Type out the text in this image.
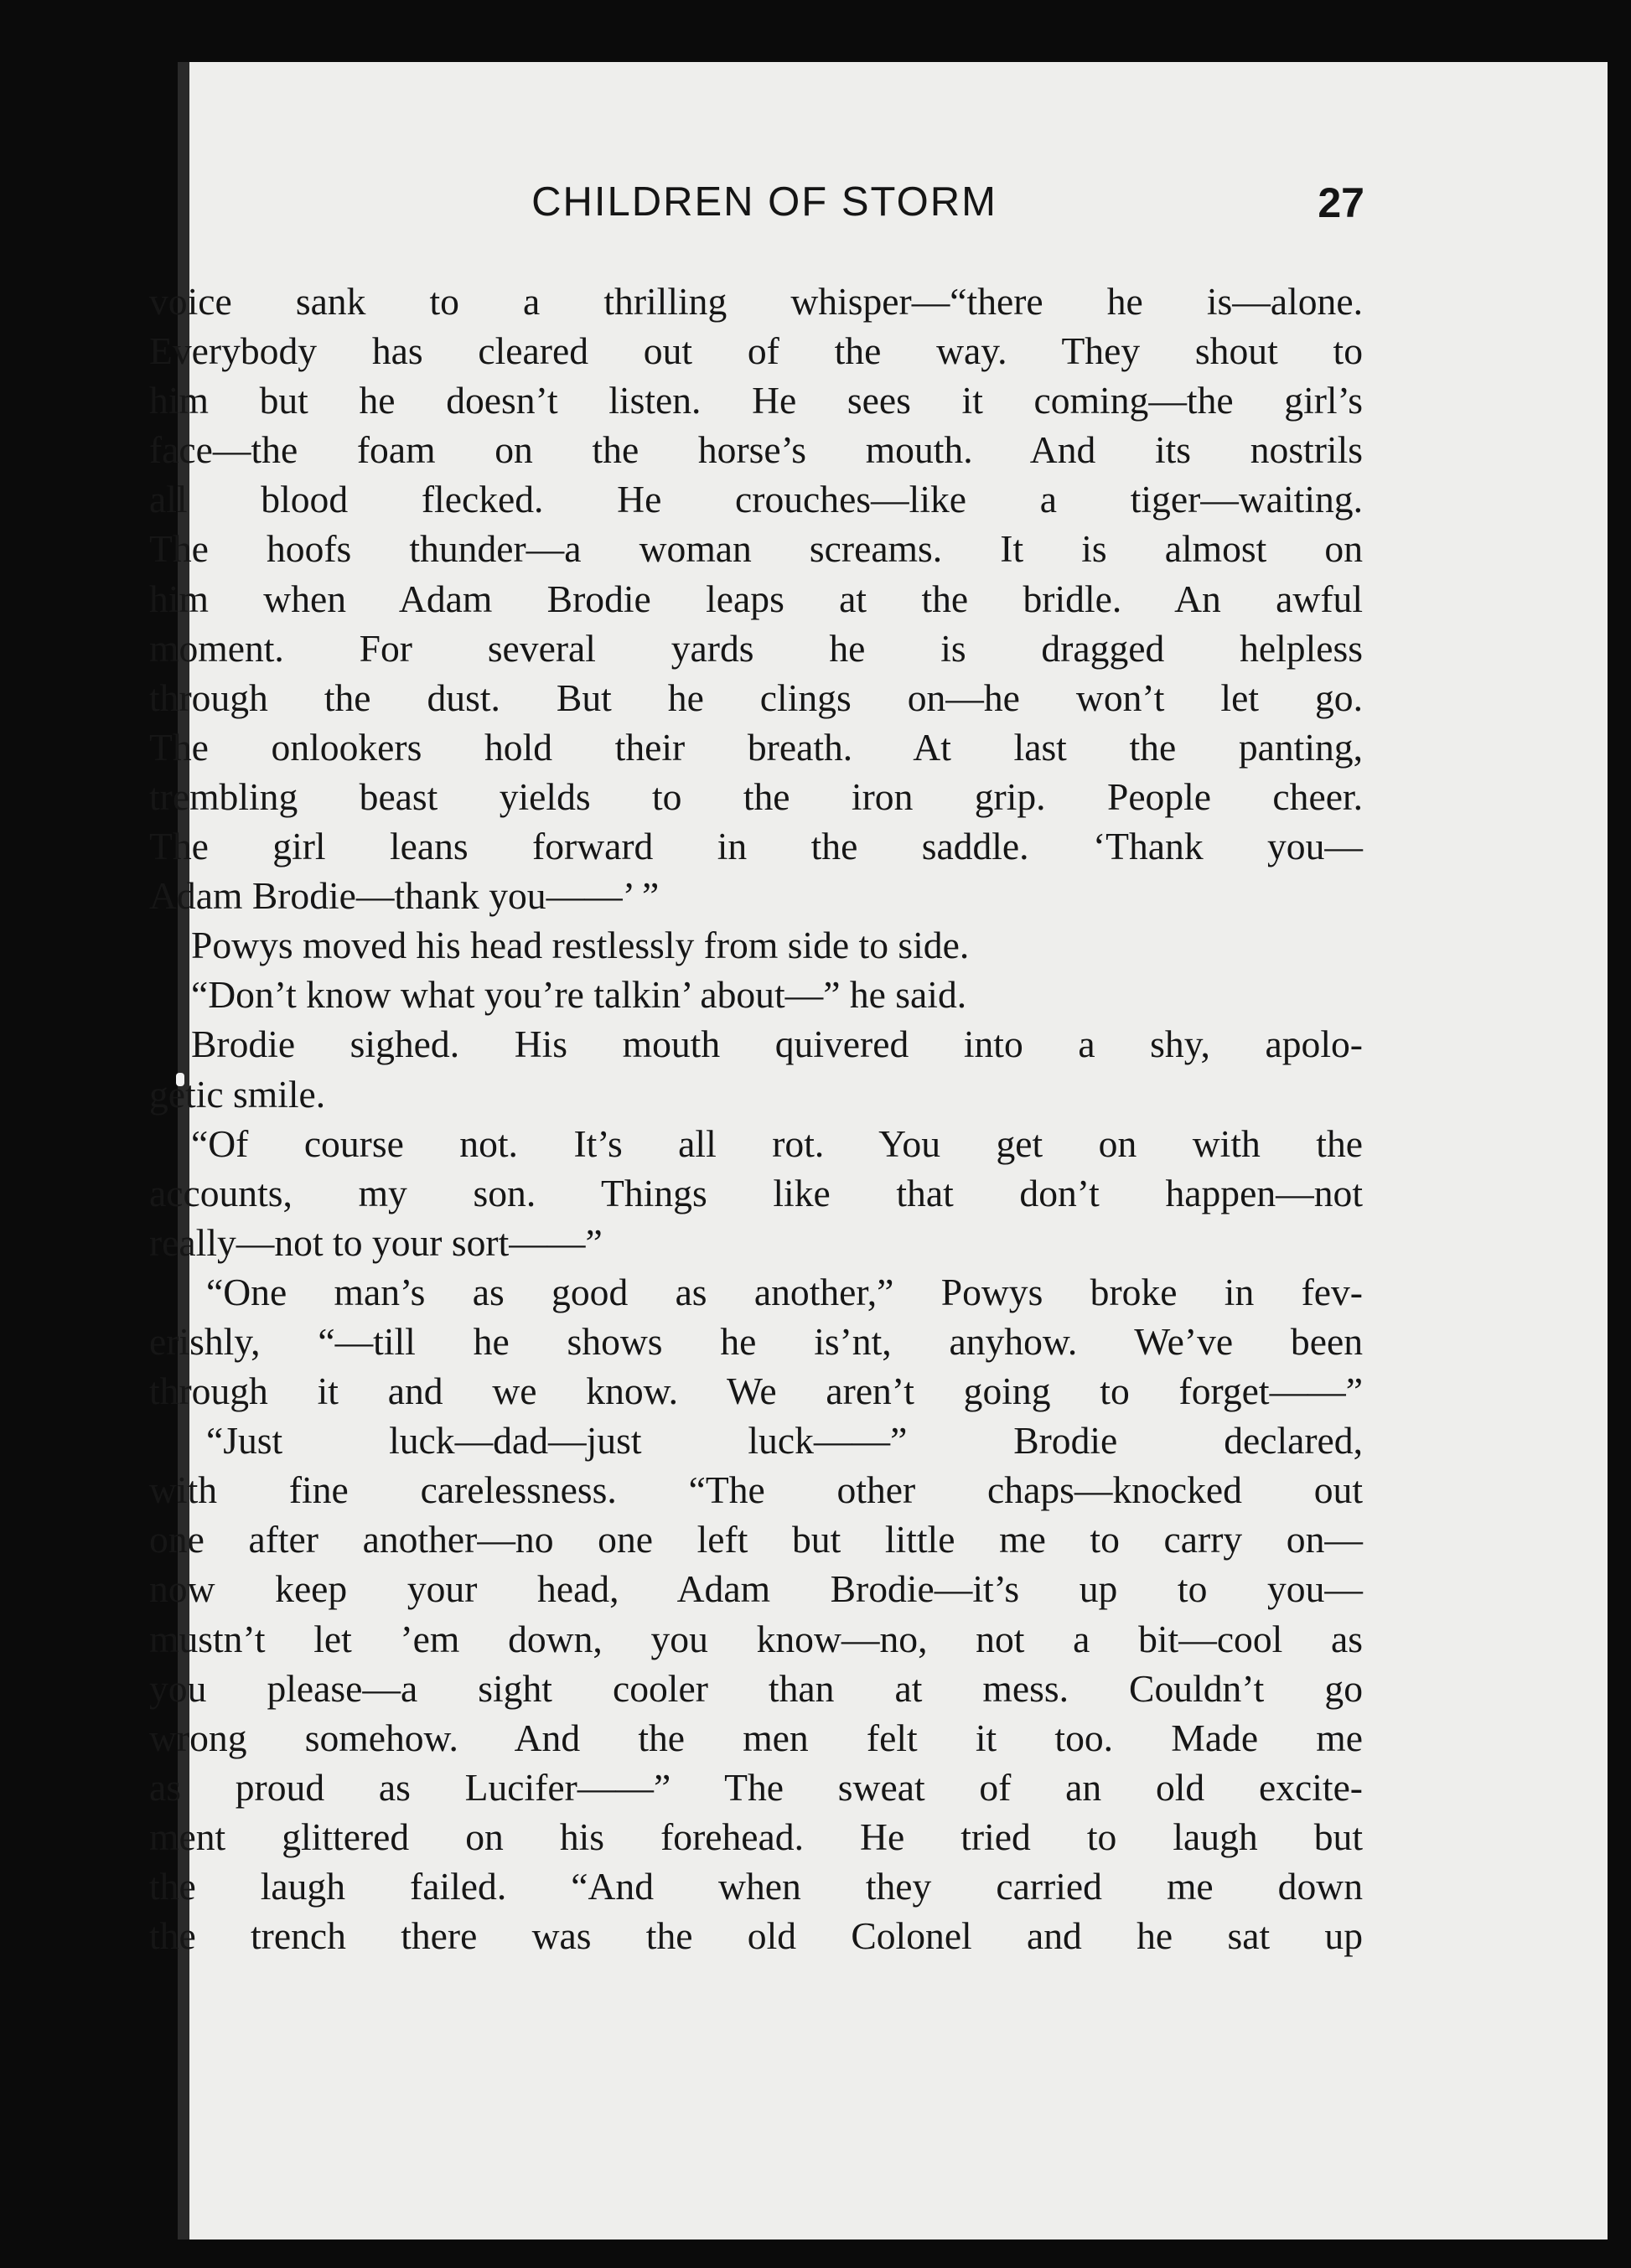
CHILDREN OF STORM	27
voice sank to a thrilling whisper—“there he is—alone.
Everybody has cleared out of the way. They shout to
him but he doesn’t listen. He sees it coming—the girl’s
face—the foam on the horse’s mouth. And its nostrils
all blood flecked. He crouches—like a tiger—waiting.
The hoofs thunder—a woman screams. It is almost on
him when Adam Brodie leaps at the bridle. An awful
moment. For several yards he is dragged helpless
through the dust. But he clings on—he won’t let go.
The onlookers hold their breath. At last the panting,
trembling beast yields to the iron grip. People cheer.
The girl leans forward in the saddle. ‘Thank you—
Adam Brodie—thank you——’ ”
Powys moved his head restlessly from side to side.
“Don’t know what you’re talkin’ about—” he said.
Brodie sighed. His mouth quivered into a shy, apolo-
getic smile.
“Of course not. It’s all rot. You get on with the
accounts, my son. Things like that don’t happen—not
really—not to your sort——”
“One man’s as good as another,” Powys broke in fev-
erishly, “—till he shows he is’nt, anyhow. We’ve been
through it and we know. We aren’t going to forget——”
“Just luck—dad—just luck——” Brodie declared,
with fine carelessness. “The other chaps—knocked out
one after another—no one left but little me to carry on—
now keep your head, Adam Brodie—it’s up to you—
mustn’t let ’em down, you know—no, not a bit—cool as
you please—a sight cooler than at mess. Couldn’t go
wrong somehow. And the men felt it too. Made me
as proud as Lucifer——” The sweat of an old excite-
ment glittered on his forehead. He tried to laugh but
the laugh failed. “And when they carried me down
the trench there was the old Colonel and he sat up
